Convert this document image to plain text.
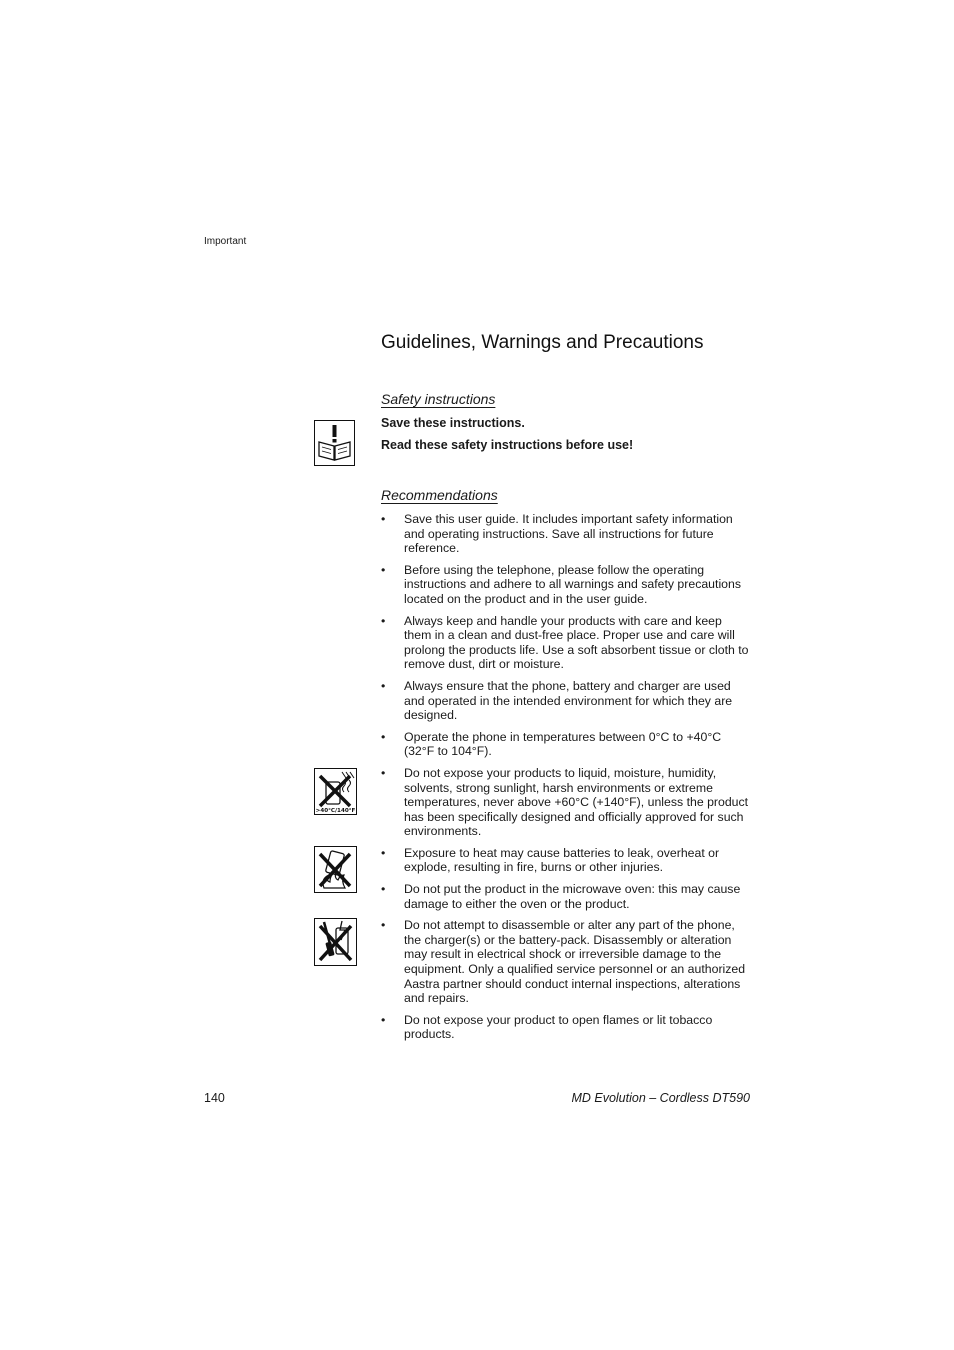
Important
Guidelines, Warnings and Precautions
Safety instructions
Save these instructions.
Read these safety instructions before use!
Recommendations
• Save this user guide. It includes important safety information and operating instructions. Save all instructions for future reference.
• Before using the telephone, please follow the operating instructions and adhere to all warnings and safety precautions located on the product and in the user guide.
• Always keep and handle your products with care and keep them in a clean and dust-free place. Proper use and care will prolong the products life. Use a soft absorbent tissue or cloth to remove dust, dirt or moisture.
• Always ensure that the phone, battery and charger are used and operated in the intended environment for which they are designed.
• Operate the phone in temperatures between 0°C to +40°C (32°F to 104°F).
• Do not expose your products to liquid, moisture, humidity, solvents, strong sunlight, harsh environments or extreme temperatures, never above +60°C (+140°F), unless the product has been specifically designed and officially approved for such environments.
• Exposure to heat may cause batteries to leak, overheat or explode, resulting in fire, burns or other injuries.
• Do not put the product in the microwave oven: this may cause damage to either the oven or the product.
• Do not attempt to disassemble or alter any part of the phone, the charger(s) or the battery-pack. Disassembly or alteration may result in electrical shock or irreversible damage to the equipment. Only a qualified service personnel or an authorized Aastra partner should conduct internal inspections, alterations and repairs.
• Do not expose your product to open flames or lit tobacco products.
>40°C/140°F
140	MD Evolution – Cordless DT590
